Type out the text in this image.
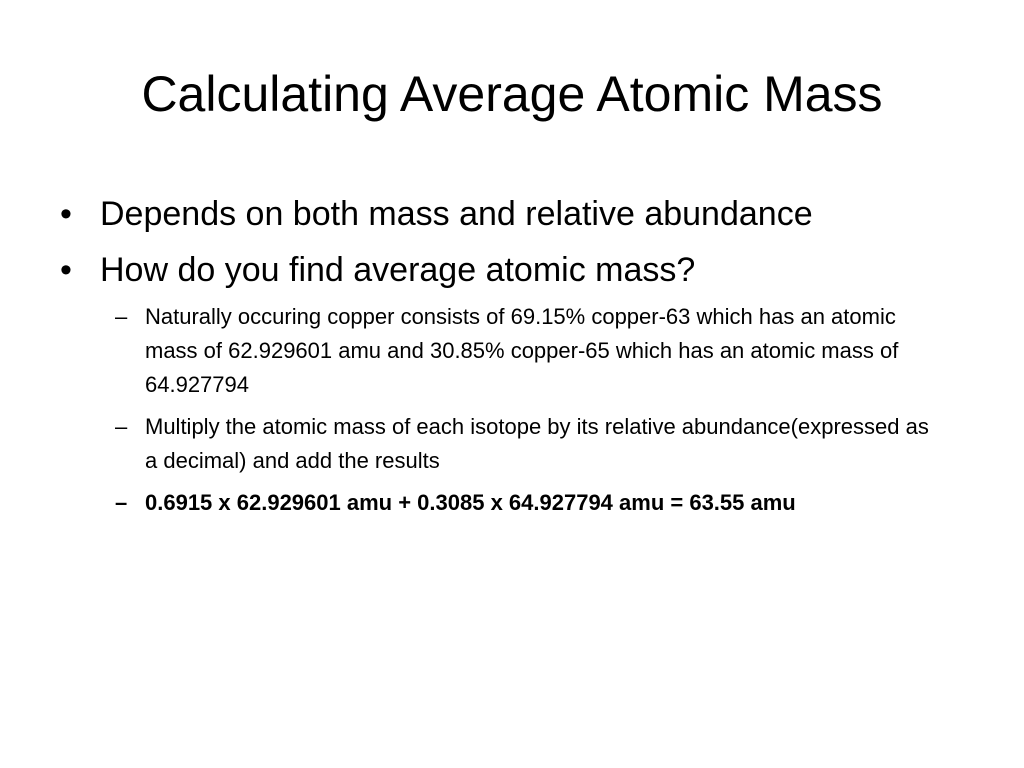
Calculating Average Atomic Mass
• Depends on both mass and relative abundance
• How do you find average atomic mass?
– Naturally occuring copper consists of 69.15% copper-63 which has an atomic mass of 62.929601 amu and 30.85% copper-65 which has an atomic mass of 64.927794
– Multiply the atomic mass of each isotope by its relative abundance(expressed as a decimal) and add the results
– 0.6915 x 62.929601 amu + 0.3085 x 64.927794 amu = 63.55 amu
